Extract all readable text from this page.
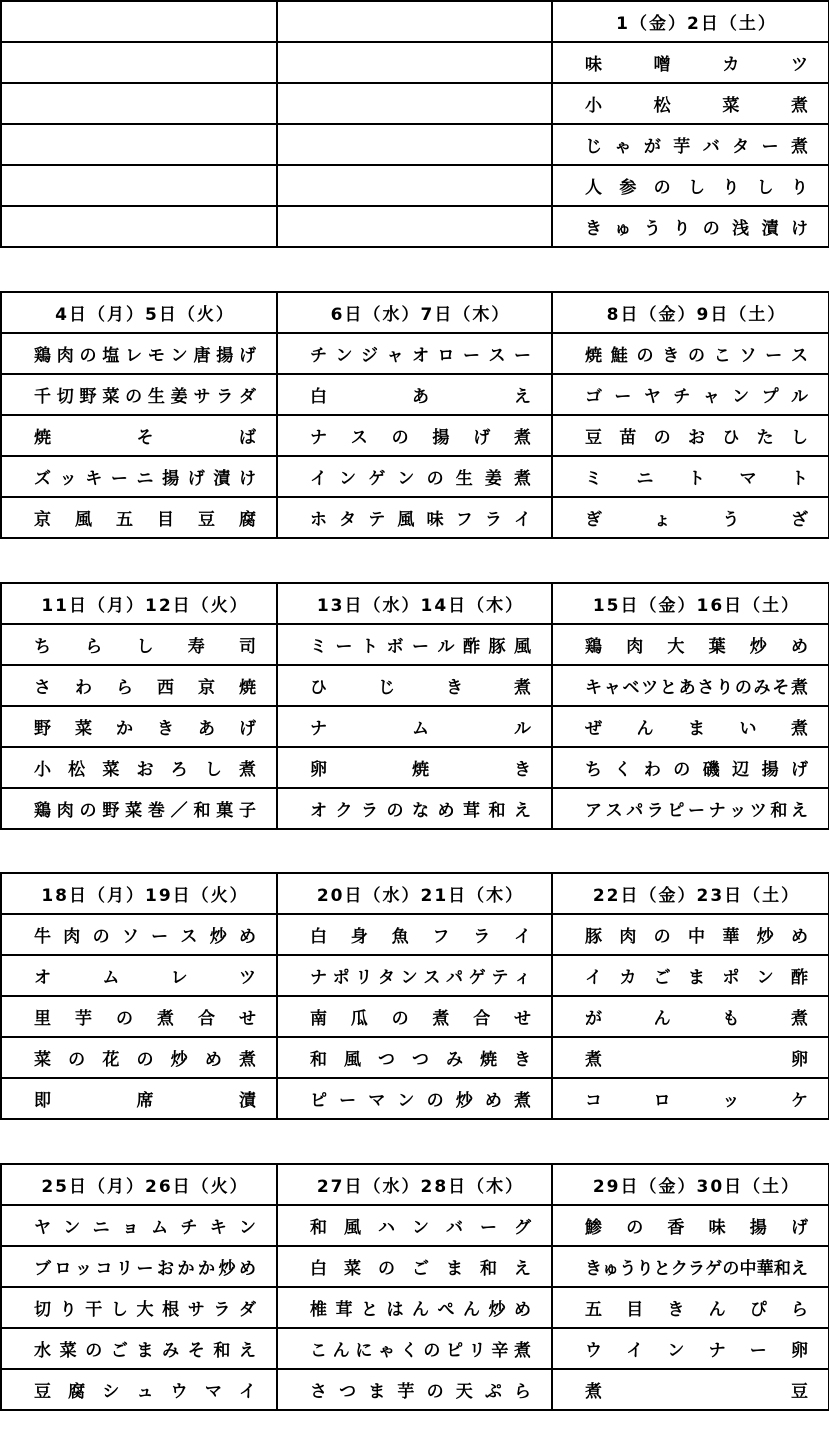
		1（金）2日（土）

		味​噌​カ​ツ

		小​松​菜​煮

		じ​ゃ​が​芋​バ​タ​ー​煮

		人​参​の​し​り​し​り

		き​ゅ​う​り​の​浅​漬​け
4日（月）5日（火）	6日（水）7日（木）	8日（金）9日（土）

鶏​肉​の​塩​レ​モ​ン​唐​揚​げ	チ​ン​ジ​ャ​オ​ロ​ー​ス​ー	焼​鮭​の​き​の​こ​ソ​ー​ス

千​切​野​菜​の​生​姜​サ​ラ​ダ	白​あ​え	ゴ​ー​ヤ​チ​ャ​ン​プ​ル

焼​そ​ば	ナ​ス​の​揚​げ​煮	豆​苗​の​お​ひ​た​し

ズ​ッ​キ​ー​ニ​揚​げ​漬​け	イ​ン​ゲ​ン​の​生​姜​煮	ミ​ニ​ト​マ​ト

京​風​五​目​豆​腐	ホ​タ​テ​風​味​フ​ラ​イ	ぎ​ょ​う​ざ
11日（月）12日（火）	13日（水）14日（木）	15日（金）16日（土）

ち​ら​し​寿​司	ミ​ー​ト​ボ​ー​ル​酢​豚​風	鶏​肉​大​葉​炒​め

さ​わ​ら​西​京​焼	ひ​じ​き​煮	キ​ャ​ベ​ツ​と​あ​さ​り​の​み​そ​煮

野​菜​か​き​あ​げ	ナ​ム​ル	ぜ​ん​ま​い​煮

小​松​菜​お​ろ​し​煮	卵​焼​き	ち​く​わ​の​磯​辺​揚​げ

鶏​肉​の​野​菜​巻​／​和​菓​子	オ​ク​ラ​の​な​め​茸​和​え	ア​ス​パ​ラ​ピ​ー​ナ​ッ​ツ​和​え
18日（月）19日（火）	20日（水）21日（木）	22日（金）23日（土）

牛​肉​の​ソ​ー​ス​炒​め	白​身​魚​フ​ラ​イ	豚​肉​の​中​華​炒​め

オ​ム​レ​ツ	ナ​ポ​リ​タ​ン​ス​パ​ゲ​テ​ィ	イ​カ​ご​ま​ポ​ン​酢

里​芋​の​煮​合​せ	南​瓜​の​煮​合​せ	が​ん​も​煮

菜​の​花​の​炒​め​煮	和​風​つ​つ​み​焼​き	煮​卵

即​席​漬	ピ​ー​マ​ン​の​炒​め​煮	コ​ロ​ッ​ケ
25日（月）26日（火）	27日（水）28日（木）	29日（金）30日（土）

ヤ​ン​ニ​ョ​ム​チ​キ​ン	和​風​ハ​ン​バ​ー​グ	鯵​の​香​味​揚​げ

ブ​ロ​ッ​コ​リ​ー​お​か​か​炒​め	白​菜​の​ご​ま​和​え	き​ゅ​う​り​と​ク​ラ​ゲ​の​中​華​和​え

切​り​干​し​大​根​サ​ラ​ダ	椎​茸​と​は​ん​ぺ​ん​炒​め	五​目​き​ん​ぴ​ら

水​菜​の​ご​ま​み​そ​和​え	こ​ん​に​ゃ​く​の​ピ​リ​辛​煮	ウ​イ​ン​ナ​ー​卵

豆​腐​シ​ュ​ウ​マ​イ	さ​つ​ま​芋​の​天​ぷ​ら	煮​豆
